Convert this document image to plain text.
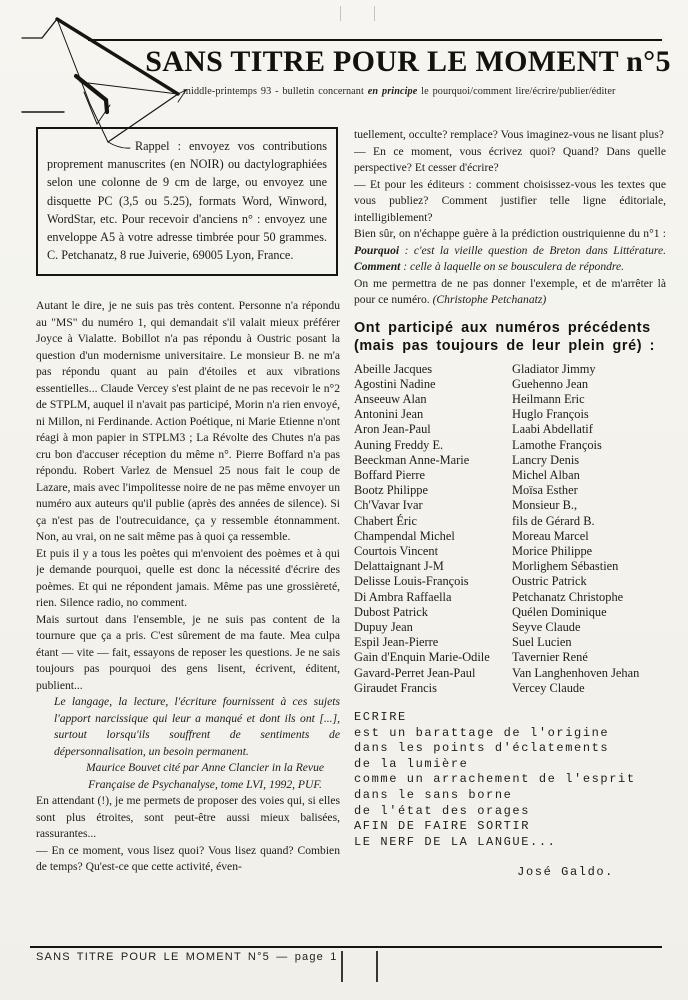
SANS TITRE POUR LE MOMENT n°5

middle-printemps 93 - bulletin concernant en principe le pourquoi/comment lire/écrire/publier/éditer

Rappel : envoyez vos contributions proprement manuscrites (en NOIR) ou dactylographiées selon une colonne de 9 cm de large, ou envoyez une disquette PC (3,5 ou 5.25), formats Word, Winword, WordStar, etc. Pour recevoir d'anciens n° : envoyez une enveloppe A5 à votre adresse timbrée pour 50 grammes. C. Petchanatz, 8 rue Juiverie, 69005 Lyon, France.

Autant le dire, je ne suis pas très content. Personne n'a répondu au "MS" du numéro 1, qui demandait s'il valait mieux préférer Joyce à Vialatte. Bobillot n'a pas répondu à Oustric posant la question d'un modernisme universitaire. Le monsieur B. ne m'a pas répondu quant au pain d'étoiles et aux vibrations essentielles... Claude Vercey s'est plaint de ne pas recevoir le n°2 de STPLM, auquel il n'avait pas participé, Morin n'a rien envoyé, ni Millon, ni Ferdinande. Action Poétique, ni Marie Etienne n'ont réagi à mon papier in STPLM3 ; La Révolte des Chutes n'a pas cru bon d'accuser réception du même n°. Pierre Boffard n'a pas répondu. Robert Varlez de Mensuel 25 nous fait le coup de Lazare, mais avec l'impolitesse noire de ne pas même envoyer un numéro aux auteurs qu'il publie (après des années de silence). Si ça n'est pas de l'outrecuidance, ça y ressemble étonnamment. Non, au vrai, on ne sait même pas à quoi ça ressemble.

Et puis il y a tous les poètes qui m'envoient des poèmes et à qui je demande pourquoi, quelle est donc la nécessité d'écrire des poèmes. Et qui ne répondent jamais. Même pas une grossièreté, rien. Silence radio, no comment.

Mais surtout dans l'ensemble, je ne suis pas content de la tournure que ça a pris. C'est sûrement de ma faute. Mea culpa étant — vite — fait, essayons de reposer les questions. Je ne sais toujours pas pourquoi des gens lisent, écrivent, éditent, publient...

Le langage, la lecture, l'écriture fournissent à ces sujets l'apport narcissique qui leur a manqué et dont ils ont [...], surtout lorsqu'ils souffrent de sentiments de dépersonnalisation, un besoin permanent.

Maurice Bouvet cité par Anne Clancier in la Revue Française de Psychanalyse, tome LVI, 1992, PUF.

En attendant (!), je me permets de proposer des voies qui, si elles sont plus étroites, sont peut-être aussi mieux balisées, rassurantes...

— En ce moment, vous lisez quoi? Vous lisez quand? Combien de temps? Qu'est-ce que cette activité, éven-

tuellement, occulte? remplace? Vous imaginez-vous ne lisant plus?

— En ce moment, vous écrivez quoi? Quand? Dans quelle perspective? Et cesser d'écrire?

— Et pour les éditeurs : comment choisissez-vous les textes que vous publiez? Comment justifier telle ligne éditoriale, intelligiblement?

Bien sûr, on n'échappe guère à la prédiction oustriquienne du n°1 : Pourquoi : c'est la vieille question de Breton dans Littérature. Comment : celle à laquelle on se bousculera de répondre.

On me permettra de ne pas donner l'exemple, et de m'arrêter là pour ce numéro. (Christophe Petchanatz)

Ont participé aux numéros précédents
(mais pas toujours de leur plein gré) :

Abeille Jacques
Agostini Nadine
Anseeuw Alan
Antonini Jean
Aron Jean-Paul
Auning Freddy E.
Beeckman Anne-Marie
Boffard Pierre
Bootz Philippe
Ch'Vavar Ivar
Chabert Éric
Champendal Michel
Courtois Vincent
Delattaignant J-M
Delisse Louis-François
Di Ambra Raffaella
Dubost Patrick
Dupuy Jean
Espil Jean-Pierre
Gain d'Enquin Marie-Odile
Gavard-Perret Jean-Paul
Giraudet Francis
Gladiator Jimmy
Guehenno Jean
Heilmann Eric
Huglo François
Laabi Abdellatif
Lamothe François
Lancry Denis
Michel Alban
Moïsa Esther
Monsieur B.,
fils de Gérard B.
Moreau Marcel
Morice Philippe
Morlighem Sébastien
Oustric Patrick
Petchanatz Christophe
Quélen Dominique
Seyve Claude
Suel Lucien
Tavernier René
Van Langhenhoven Jehan
Vercey Claude
ECRIRE
est un barattage de l'origine
dans les points d'éclatements
de la lumière
comme un arrachement de l'esprit
dans le sans borne
de l'état des orages
AFIN DE FAIRE SORTIR
LE NERF DE LA LANGUE...
José Galdo.

SANS TITRE POUR LE MOMENT N°5 — page 1
